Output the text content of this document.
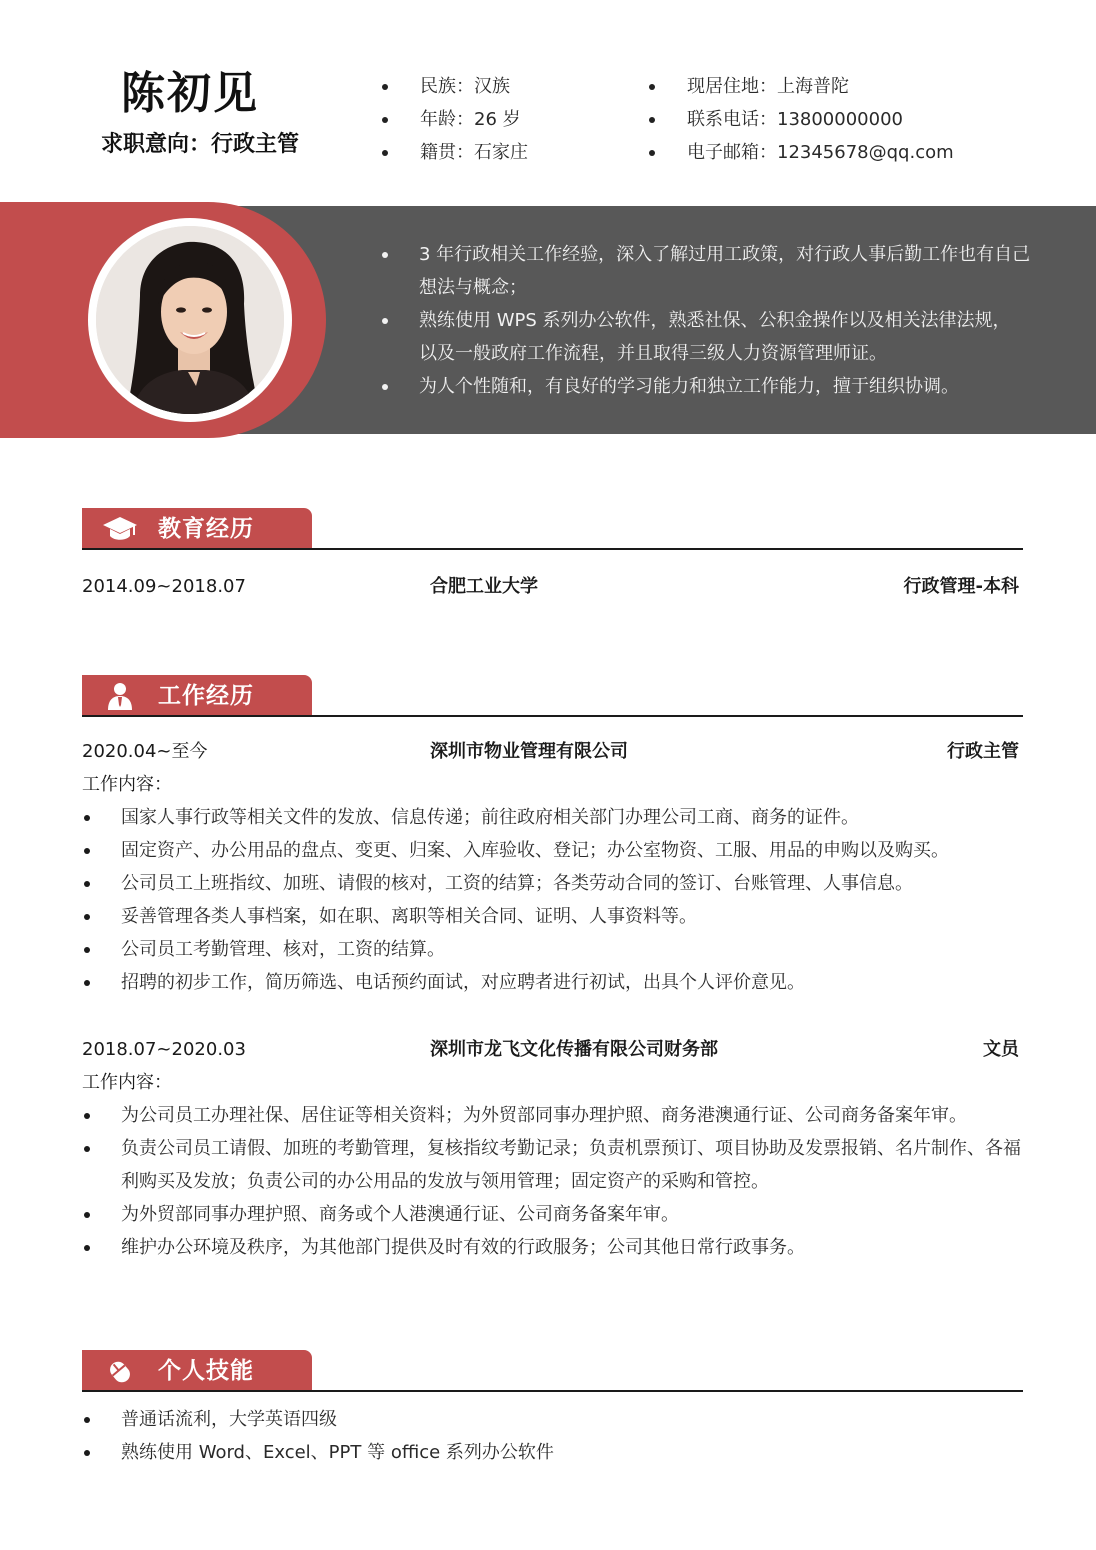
陈初见
求职意向：行政主管
民族：汉族
年龄：26 岁
籍贯：石家庄
现居住地：上海普陀
联系电话：13800000000
电子邮箱：12345678@qq.com
3 年行政相关工作经验，深入了解过用工政策，对行政人事后勤工作也有自己想法与概念；
熟练使用 WPS 系列办公软件，熟悉社保、公积金操作以及相关法律法规， 以及一般政府工作流程，并且取得三级人力资源管理师证。
为人个性随和，有良好的学习能力和独立工作能力，擅于组织协调。
教育经历
2014.09~2018.07	合肥工业大学	行政管理-本科
工作经历
2020.04~至今	深圳市物业管理有限公司	行政主管
工作内容：
国家人事行政等相关文件的发放、信息传递；前往政府相关部门办理公司工商、商务的证件。
固定资产、办公用品的盘点、变更、归案、入库验收、登记；办公室物资、工服、用品的申购以及购买。
公司员工上班指纹、加班、请假的核对，工资的结算；各类劳动合同的签订、台账管理、人事信息。
妥善管理各类人事档案，如在职、离职等相关合同、证明、人事资料等。
公司员工考勤管理、核对，工资的结算。
招聘的初步工作，简历筛选、电话预约面试，对应聘者进行初试，出具个人评价意见。
2018.07~2020.03	深圳市龙飞文化传播有限公司财务部	文员
工作内容：
为公司员工办理社保、居住证等相关资料；为外贸部同事办理护照、商务港澳通行证、公司商务备案年审。
负责公司员工请假、加班的考勤管理，复核指纹考勤记录；负责机票预订、项目协助及发票报销、名片制作、各福利购买及发放；负责公司的办公用品的发放与领用管理；固定资产的采购和管控。
为外贸部同事办理护照、商务或个人港澳通行证、公司商务备案年审。
维护办公环境及秩序，为其他部门提供及时有效的行政服务；公司其他日常行政事务。
个人技能
普通话流利，大学英语四级
熟练使用 Word、Excel、PPT 等 office 系列办公软件
